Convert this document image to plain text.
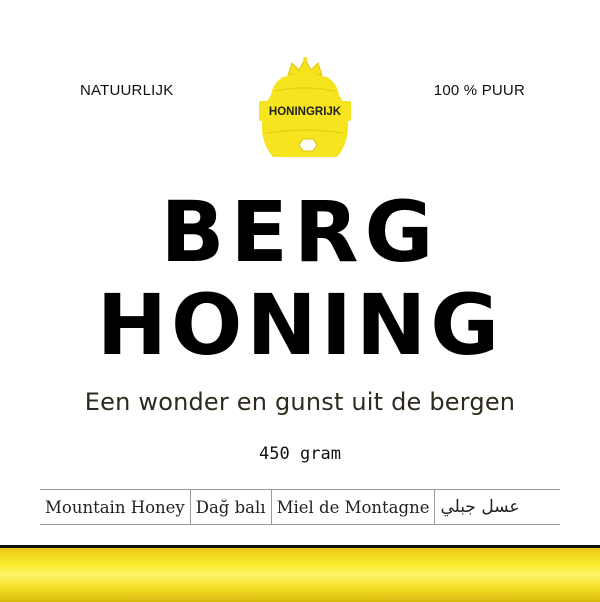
NATUURLIJK	100 % PUUR
HONINGRIJK
BERG
HONING
Een wonder en gunst uit de bergen
450 gram
Mountain Honey Dağ balı Miel de Montagne عسل جبلي
